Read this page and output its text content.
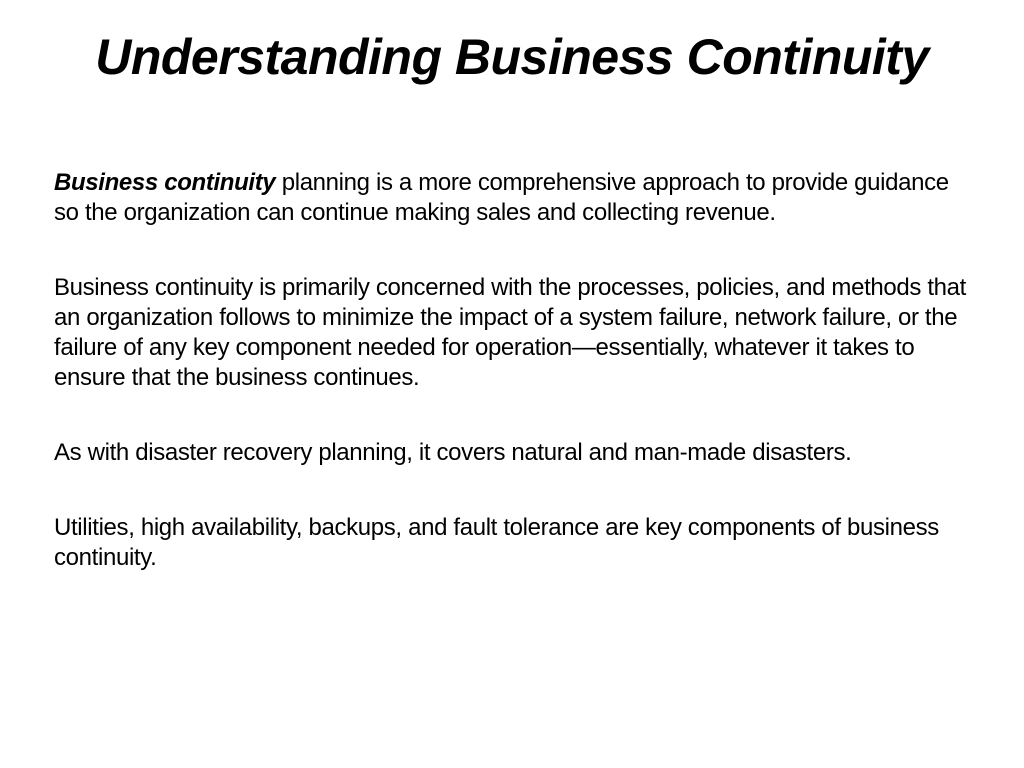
Understanding Business Continuity

Business continuity planning is a more comprehensive approach to provide guidance so the organization can continue making sales and collecting revenue.

Business continuity is primarily concerned with the processes, policies, and methods that an organization follows to minimize the impact of a system failure, network failure, or the failure of any key component needed for operation—essentially, whatever it takes to ensure that the business continues.

As with disaster recovery planning, it covers natural and man-made disasters.

Utilities, high availability, backups, and fault tolerance are key components of business continuity.
